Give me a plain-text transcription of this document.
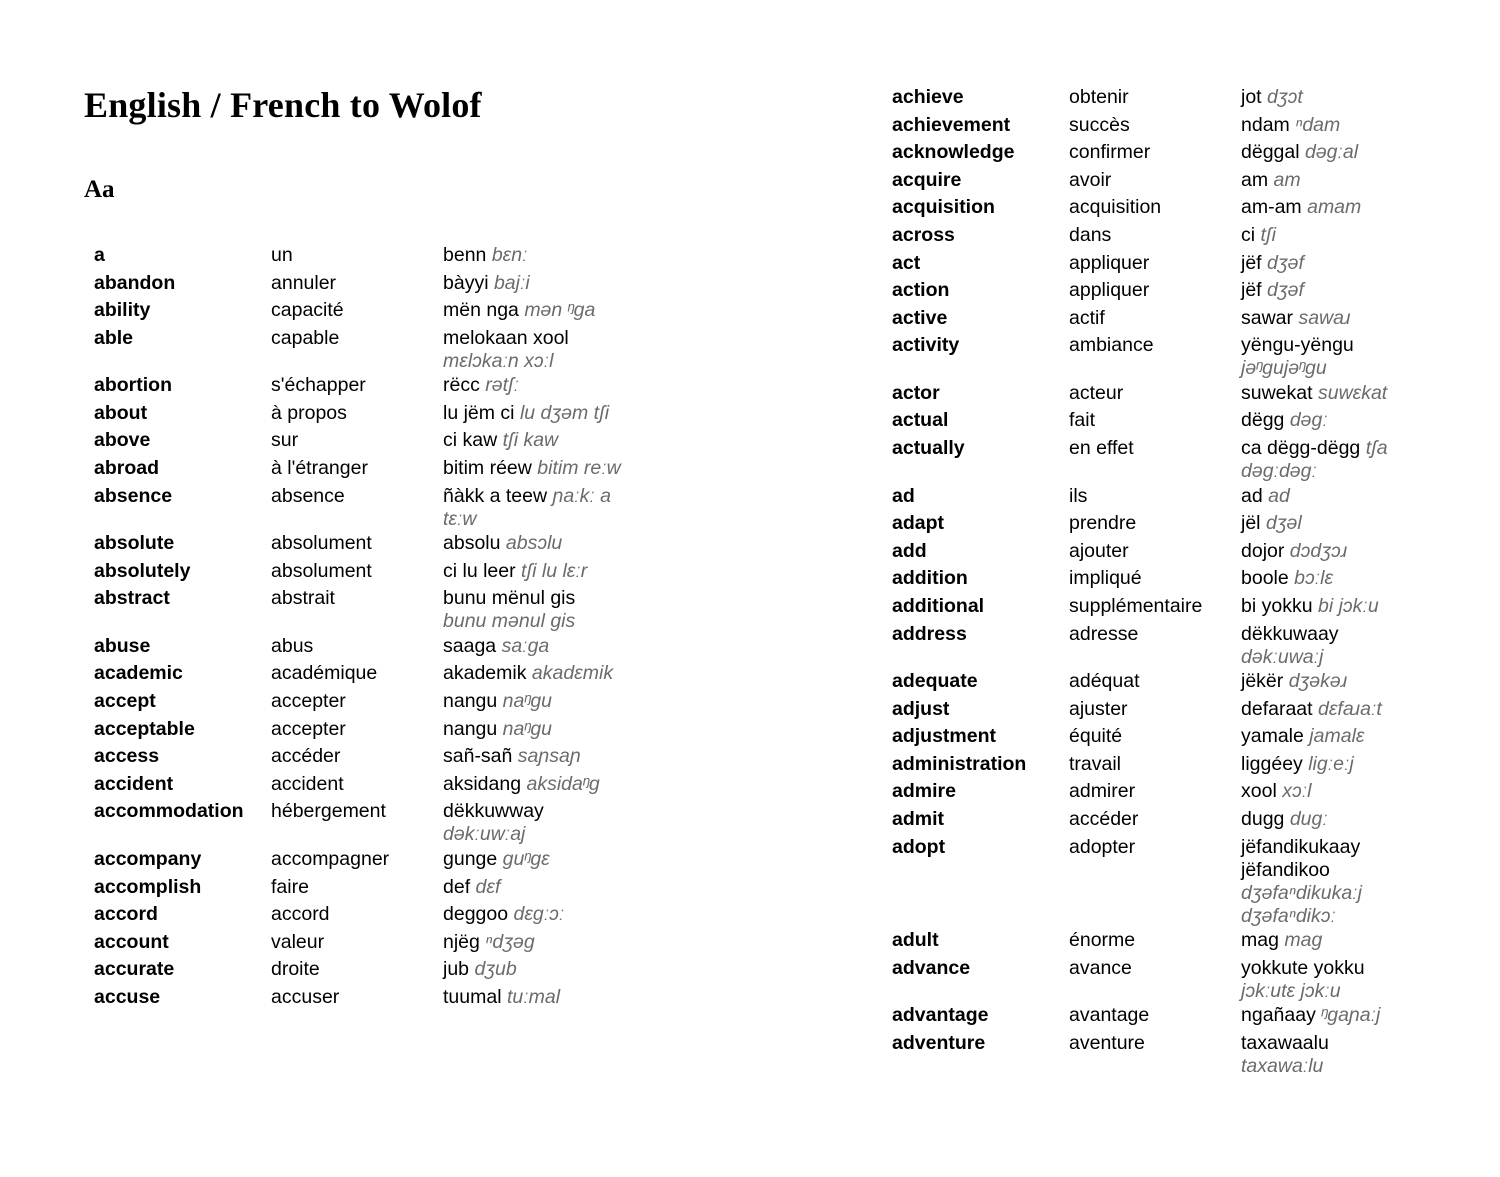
English / French to Wolof
Aa
a	un	benn bɛnː
abandon	annuler	bàyyi bajːi
ability	capacité	mën nga mən ᵑga
able	capable	melokaan xool mɛlɔkaːn xɔːl
abortion	s'échapper	rëcc rətʃː
about	à propos	lu jëm ci lu dʒəm tʃi
above	sur	ci kaw tʃi kaw
abroad	à l'étranger	bitim réew bitim reːw
absence	absence	ñàkk a teew ɲaːkː a tɛːw
absolute	absolument	absolu absɔlu
absolutely	absolument	ci lu leer tʃi lu lɛːr
abstract	abstrait	bunu mënul gis bunu mənul gis
abuse	abus	saaga saːga
academic	académique	akademik akadɛmik
accept	accepter	nangu naᵑgu
acceptable	accepter	nangu naᵑgu
access	accéder	sañ-sañ saɲsaɲ
accident	accident	aksidang aksidaᵑg
accommodation	hébergement	dëkkuwway dəkːuwːaj
accompany	accompagner	gunge guᵑgɛ
accomplish	faire	def dɛf
accord	accord	deggoo dɛgːɔː
account	valeur	njëg ⁿdʒəg
accurate	droite	jub dʒub
accuse	accuser	tuumal tuːmal
achieve	obtenir	jot dʒɔt
achievement	succès	ndam ⁿdam
acknowledge	confirmer	dëggal dəgːal
acquire	avoir	am am
acquisition	acquisition	am-am amam
across	dans	ci tʃi
act	appliquer	jëf dʒəf
action	appliquer	jëf dʒəf
active	actif	sawar sawaɹ
activity	ambiance	yëngu-yëngu jəᵑgujəᵑgu
actor	acteur	suwekat suwɛkat
actual	fait	dëgg dəgː
actually	en effet	ca dëgg-dëgg tʃa dəgːdəgː
ad	ils	ad ad
adapt	prendre	jël dʒəl
add	ajouter	dojor dɔdʒɔɹ
addition	impliqué	boole bɔːlɛ
additional	supplémentaire	bi yokku bi jɔkːu
address	adresse	dëkkuwaay dəkːuwaːj
adequate	adéquat	jëkër dʒəkəɹ
adjust	ajuster	defaraat dɛfaɹaːt
adjustment	équité	yamale jamalɛ
administration	travail	liggéey ligːeːj
admire	admirer	xool xɔːl
admit	accéder	dugg dugː
adopt	adopter	jëfandikukaay jëfandikoo dʒəfaⁿdikukaːj dʒəfaⁿdikɔː
adult	énorme	mag mag
advance	avance	yokkute yokku jɔkːutɛ jɔkːu
advantage	avantage	ngañaay ᵑgaɲaːj
adventure	aventure	taxawaalu taxawaːlu
